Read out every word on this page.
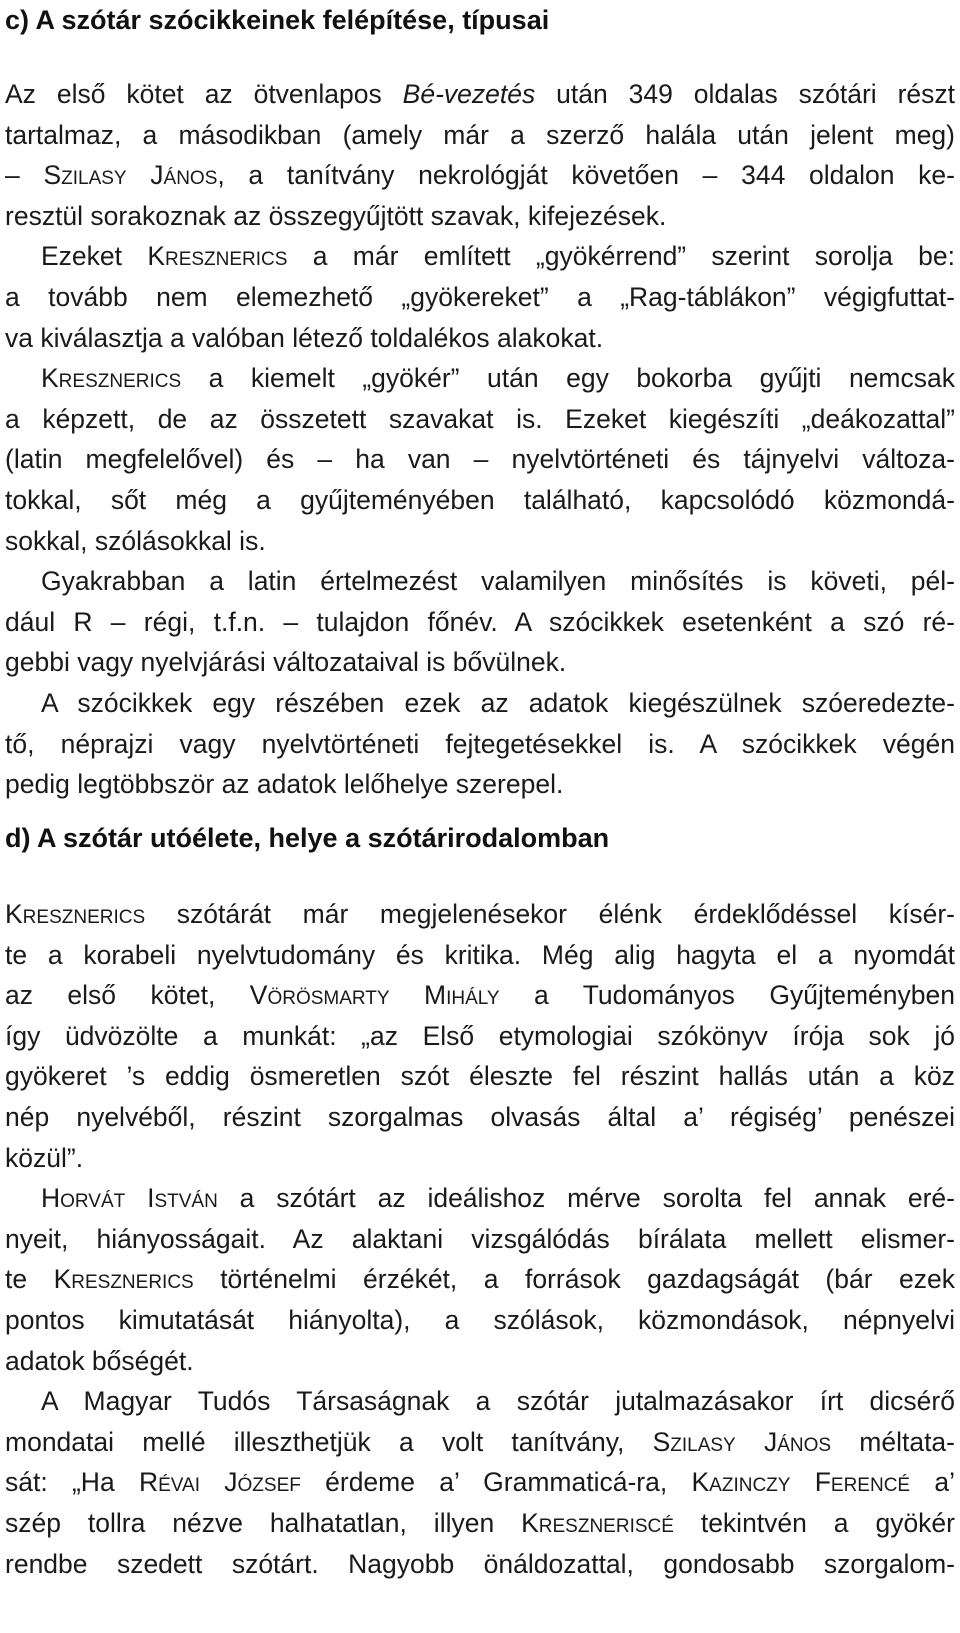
c) A szótár szócikkeinek felépítése, típusai
Az első kötet az ötvenlapos Bé-vezetés után 349 oldalas szótári részt
tartalmaz, a másodikban (amely már a szerző halála után jelent meg)
– Szilasy János, a tanítvány nekrológját követően – 344 oldalon ke-
resztül sorakoznak az összegyűjtött szavak, kifejezések.
Ezeket Kresznerics a már említett „gyökérrend” szerint sorolja be:
a tovább nem elemezhető „gyökereket” a „Rag-táblákon” végigfuttat-
va kiválasztja a valóban létező toldalékos alakokat.
Kresznerics a kiemelt „gyökér” után egy bokorba gyűjti nemcsak
a képzett, de az összetett szavakat is. Ezeket kiegészíti „deákozattal”
(latin megfelelővel) és – ha van – nyelvtörténeti és tájnyelvi változa-
tokkal, sőt még a gyűjteményében található, kapcsolódó közmondá-
sokkal, szólásokkal is.
Gyakrabban a latin értelmezést valamilyen minősítés is követi, pél-
dául R – régi, t.f.n. – tulajdon főnév. A szócikkek esetenként a szó ré-
gebbi vagy nyelvjárási változataival is bővülnek.
A szócikkek egy részében ezek az adatok kiegészülnek szóeredezte-
tő, néprajzi vagy nyelvtörténeti fejtegetésekkel is. A szócikkek végén
pedig legtöbbször az adatok lelőhelye szerepel.
d) A szótár utóélete, helye a szótárirodalomban
Kresznerics szótárát már megjelenésekor élénk érdeklődéssel kísér-
te a korabeli nyelvtudomány és kritika. Még alig hagyta el a nyomdát
az első kötet, Vörösmarty Mihály a Tudományos Gyűjteményben
így üdvözölte a munkát: „az Első etymologiai szókönyv írója sok jó
gyökeret ’s eddig ösmeretlen szót éleszte fel részint hallás után a köz
nép nyelvéből, részint szorgalmas olvasás által a’ régiség’ penészei
közül”.
Horvát István a szótárt az ideálishoz mérve sorolta fel annak eré-
nyeit, hiányosságait. Az alaktani vizsgálódás bírálata mellett elismer-
te Kresznerics történelmi érzékét, a források gazdagságát (bár ezek
pontos kimutatását hiányolta), a szólások, közmondások, népnyelvi
adatok bőségét.
A Magyar Tudós Társaságnak a szótár jutalmazásakor írt dicsérő
mondatai mellé illeszthetjük a volt tanítvány, Szilasy János méltata-
sát: „Ha Révai József érdeme a’ Grammaticá-ra, Kazinczy Ferencé a’
szép tollra nézve halhatatlan, illyen Kreszneriscé tekintvén a gyökér
rendbe szedett szótárt. Nagyobb önáldozattal, gondosabb szorgalom-
